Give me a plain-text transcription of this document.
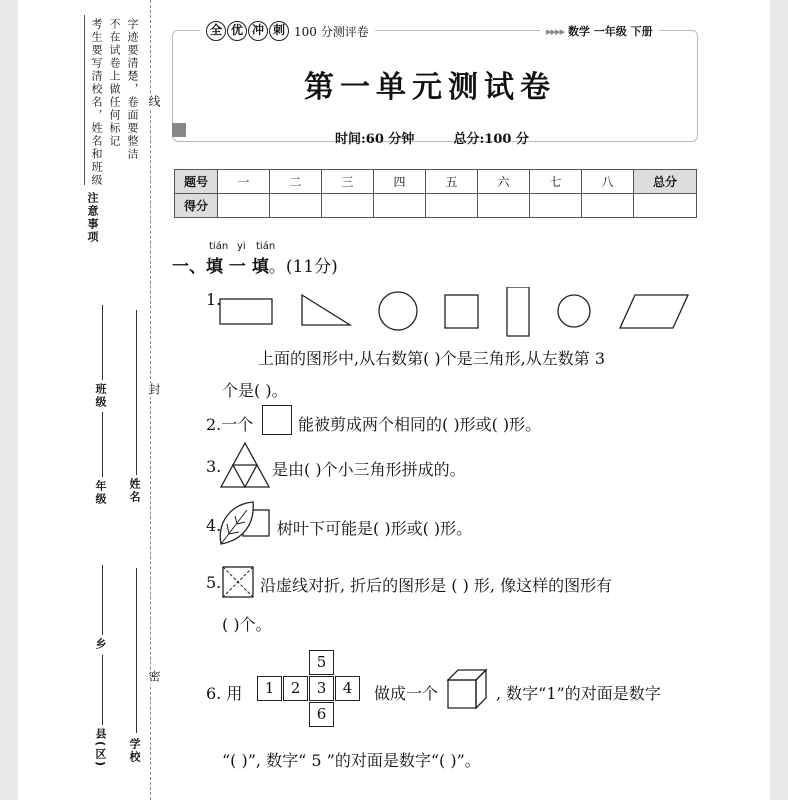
注意事项
考生要写清校名，姓名和班级 不在试卷上做任何标记 字迹要清楚，卷面要整洁 线
封
密
班级
年级 姓名
乡
县(区) 学校
全 优 冲 刺 100 分测评卷	▸▸▸▸ 数学 一年级 下册
第一单元测试卷
时间:60 分钟	总分:100 分
题号	一	二	三	四	五	六	七	八	总分
得分									
tián yi tián
一、填 一 填。(11分)
1.
上面的图形中,从右数第( )个是三角形,从左数第 3
个是( )。
2.一个	能被剪成两个相同的( )形或( )形。
3.	是由( )个小三角形拼成的。
4.	树叶下可能是( )形或( )形。
5. 沿虚线对折, 折后的图形是 ( ) 形, 像这样的图形有
( )个。
6. 用
5
1	2	3	4
6
做成一个	, 数字“1”的对面是数字
“( )”, 数字“ 5 ”的对面是数字“( )”。
